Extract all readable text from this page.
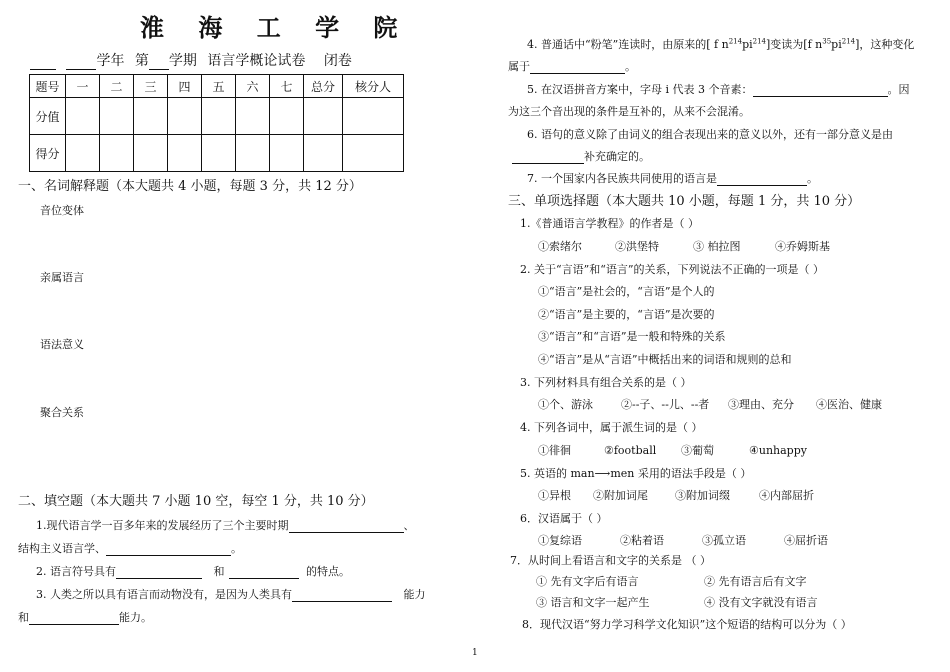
淮 海 工 学 院
学年 第 学期 语言学概论试卷 闭卷
题号	一	二	三	四	五	六	七	总分	核分人
分值									
得分									
一、名词解释题（本大题共 4 小题，每题 3 分，共 12 分）
音位变体
亲属语言
语法意义
聚合关系
二、填空题（本大题共 7 小题 10 空，每空 1 分，共 10 分）
1.现代语言学一百多年来的发展经历了三个主要时期	、
结构主义语言学、	。
2. 语言符号具有	和	的特点。
3. 人类之所以具有语言而动物没有，是因为人类具有	能力
和	能力。
4. 普通话中“粉笔”连读时，由原来的[ f $n^{214}pi^{214}$]变读为[f $n^{35}pi^{214}$]，这种变化
属于	。
5. 在汉语拼音方案中，字母 i 代表 3 个音素：	。因
为这三个音出现的条件是互补的，从来不会混淆。
6. 语句的意义除了由词义的组合表现出来的意义以外，还有一部分意义是由
补充确定的。
7. 一个国家内各民族共同使用的语言是	。
三、单项选择题（本大题共 10 小题，每题 1 分，共 10 分）
1.《普通语言学教程》的作者是（ ）
①索绪尔	②洪堡特	③ 柏拉图	④乔姆斯基
2. 关于“言语”和“语言”的关系，下列说法不正确的一项是（ ）
①“语言”是社会的，“言语”是个人的
②“语言”是主要的，“言语”是次要的
③“语言”和“言语”是一般和特殊的关系
④“语言”是从“言语”中概括出来的词语和规则的总和
3. 下列材料具有组合关系的是（ ）
①个、游泳	②--子、--儿、--者 ③理由、充分 ④医治、健康
4. 下列各词中，属于派生词的是（ ）
①徘徊	②football ③葡萄	④unhappy
5. 英语的 man⟶men 采用的语法手段是（ ）
①异根 ②附加词尾 ③附加词缀	④内部屈折
6．汉语属于（ ）
①复综语	②粘着语	③孤立语	④屈折语
7．从时间上看语言和文字的关系是 （ ）
① 先有文字后有语言	② 先有语言后有文字
③ 语言和文字一起产生	④ 没有文字就没有语言
8．现代汉语“努力学习科学文化知识”这个短语的结构可以分为（ ）
1
